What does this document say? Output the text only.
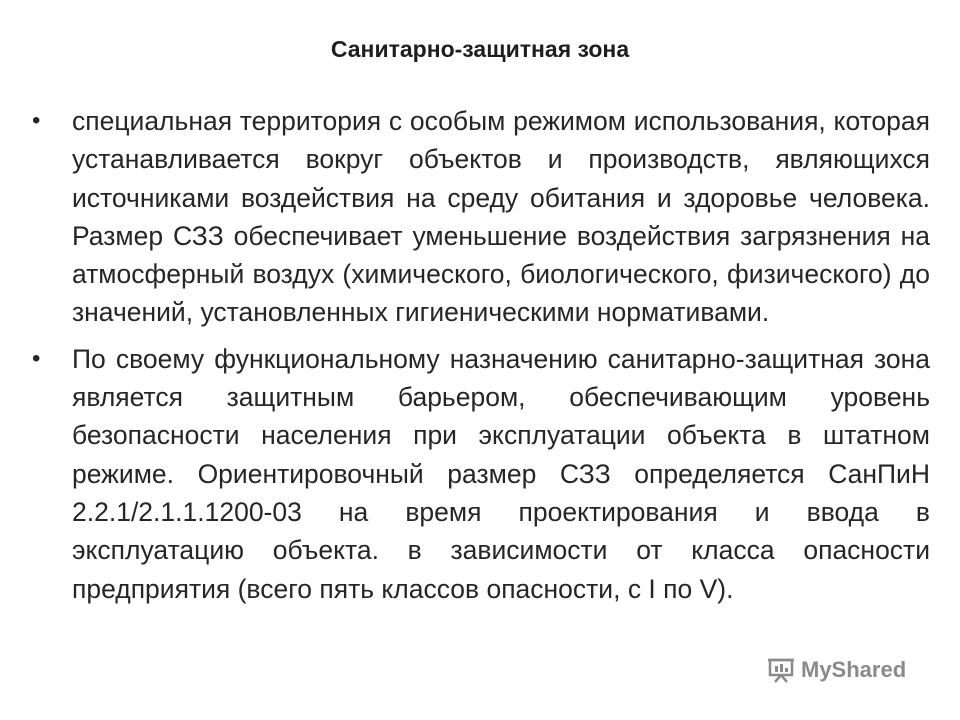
Санитарно-защитная зона

• специальная территория с особым режимом использования, которая устанавливается вокруг объектов и производств, являющихся источниками воздействия на среду обитания и здоровье человека. Размер СЗЗ обеспечивает уменьшение воздействия загрязнения на атмосферный воздух (химического, биологического, физического) до значений, установленных гигиеническими нормативами.

• По своему функциональному назначению санитарно-защитная зона является защитным барьером, обеспечивающим уровень безопасности населения при эксплуатации объекта в штатном режиме. Ориентировочный размер СЗЗ определяется СанПиН 2.2.1/2.1.1.1200-03 на время проектирования и ввода в эксплуатацию объекта. в зависимости от класса опасности предприятия (всего пять классов опасности, с I по V).

MyShared
